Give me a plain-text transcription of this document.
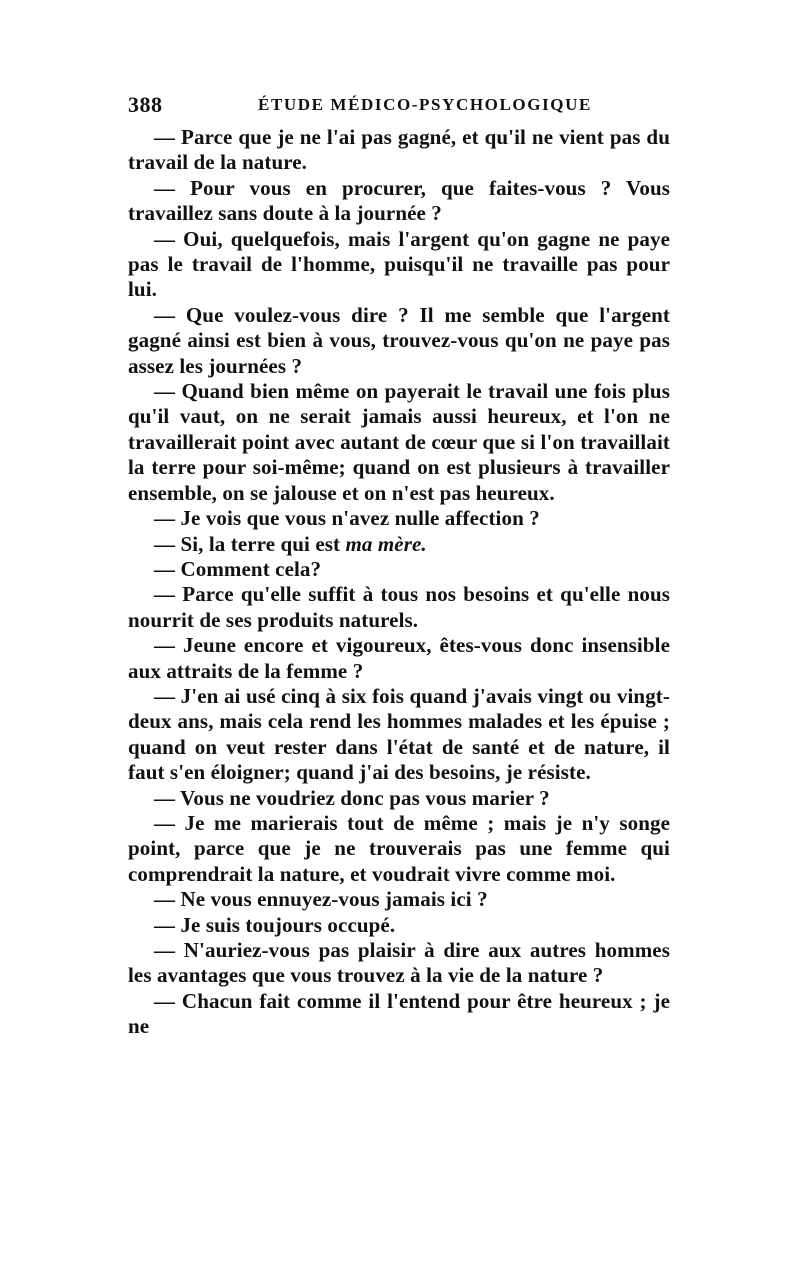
388	ÉTUDE MÉDICO-PSYCHOLOGIQUE

— Parce que je ne l'ai pas gagné, et qu'il ne vient pas du travail de la nature.

— Pour vous en procurer, que faites-vous ? Vous travaillez sans doute à la journée ?

— Oui, quelquefois, mais l'argent qu'on gagne ne paye pas le travail de l'homme, puisqu'il ne travaille pas pour lui.

— Que voulez-vous dire ? Il me semble que l'argent gagné ainsi est bien à vous, trouvez-vous qu'on ne paye pas assez les journées ?

— Quand bien même on payerait le travail une fois plus qu'il vaut, on ne serait jamais aussi heureux, et l'on ne travaillerait point avec autant de cœur que si l'on travaillait la terre pour soi-même; quand on est plusieurs à travailler ensemble, on se jalouse et on n'est pas heureux.

— Je vois que vous n'avez nulle affection ?

— Si, la terre qui est ma mère.

— Comment cela?

— Parce qu'elle suffit à tous nos besoins et qu'elle nous nourrit de ses produits naturels.

— Jeune encore et vigoureux, êtes-vous donc insensible aux attraits de la femme ?

— J'en ai usé cinq à six fois quand j'avais vingt ou vingt-deux ans, mais cela rend les hommes malades et les épuise ; quand on veut rester dans l'état de santé et de nature, il faut s'en éloigner; quand j'ai des besoins, je résiste.

— Vous ne voudriez donc pas vous marier ?

— Je me marierais tout de même ; mais je n'y songe point, parce que je ne trouverais pas une femme qui comprendrait la nature, et voudrait vivre comme moi.

— Ne vous ennuyez-vous jamais ici ?

— Je suis toujours occupé.

— N'auriez-vous pas plaisir à dire aux autres hommes les avantages que vous trouvez à la vie de la nature ?

— Chacun fait comme il l'entend pour être heureux ; je ne
